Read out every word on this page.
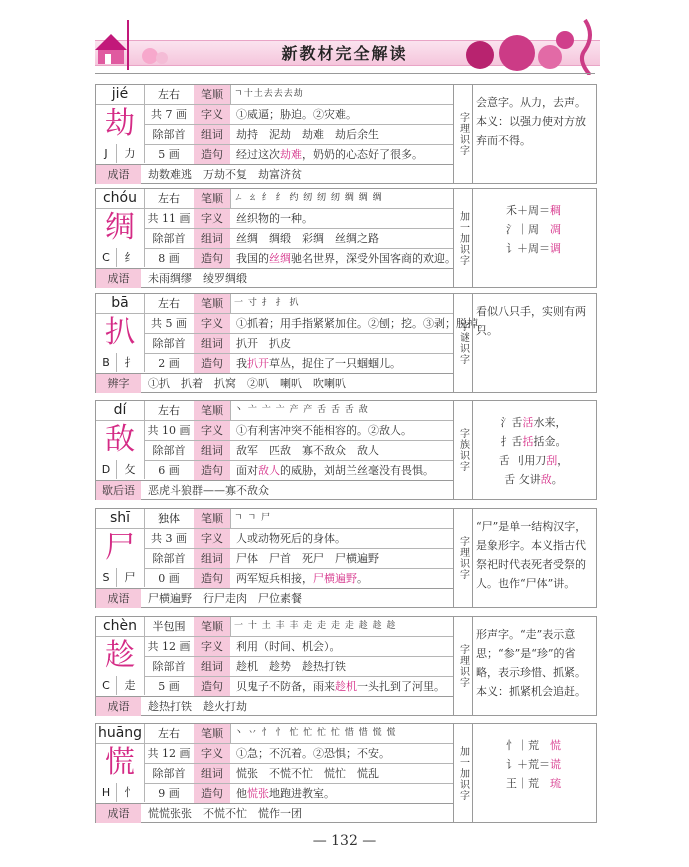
新教材完全解读
jié	左右	笔顺	ㄱ十土去去去劫
劫	共 7 画	字义	①威逼；胁迫。②灾难。
除部首	组词	劫持　泥劫　劫难　劫后余生
J	力	5 画	造句	经过这次劫难，奶奶的心态好了很多。
成语	劫数难逃　万劫不复　劫富济贫
字理识字
会意字。从力，去声。本义：以强力使对方放弃而不得。
chóu	左右	笔顺	ㄥ ㄠ 纟 纟 约 纫 纫 纫 绸 绸 绸
绸	共 11 画 字义	丝织物的一种。
除部首	组词	丝绸　绸缎　彩绸　丝绸之路
C	纟	8 画	造句	我国的丝绸驰名世界，深受外国客商的欢迎。
成语	未雨绸缪　绫罗绸缎
加一加识字	禾＋周＝稠
氵｜周　凋
讠＋周＝调
bā	左右	笔顺	一 寸 扌 扌 扒
扒	共 5 画	字义	①抓着；用手指紧紧加住。②刨；挖。③剥；脱掉。
除部首	组词	扒开　扒皮
B	扌	2 画	造句	我扒开草丛，捉住了一只蝈蝈儿。
辨字	①扒　扒着　扒窝　②叭　喇叭　吹喇叭
字谜识字
看似八只手，实则有两只。
dí	左右	笔顺	丶 亠 亠 亠 产 产 舌 舌 舌 敌
敌	共 10 画 字义	①有利害冲突不能相容的。②敌人。
除部首	组词	敌军　匹敌　寡不敌众　敌人
D	攵	6 画	造句	面对敌人的威胁，刘胡兰丝毫没有畏惧。
歇后语	恶虎斗狼群——寡不敌众
字族识字
氵舌活水来，
扌舌括括金。
舌 刂用刀刮，
舌 攵讲敌。
shī	独体	笔顺	ㄱ ㄱ 尸
尸	共 3 画	字义	人或动物死后的身体。
除部首	组词	尸体　尸首　死尸　尸横遍野
S	尸	0 画	造句	两军短兵相接，尸横遍野。
成语	尸横遍野　行尸走肉　尸位素餐
字理识字
“尸”是单一结构汉字，是象形字。本义指古代祭祀时代表死者受祭的人。也作“尸体”讲。
chèn	半包围	笔顺	一 十 土 丰 丰 走 走 走 走 趁 趁 趁
趁	共 12 画 字义	利用（时间、机会）。
除部首	组词	趁机　趁势　趁热打铁
C	走	5 画	造句	贝鬼子不防备，雨来趁机一头扎到了河里。
成语	趁热打铁　趁火打劫
字理识字
形声字。“走”表示意思；“参”是“珍”的省略，表示珍惜、抓紧。本义：抓紧机会追赶。
huāng	左右	笔顺	丶 丷 忄 忄 忙 忙 忙 忙 惜 惜 慌 慌
慌	共 12 画 字义	①急；不沉着。②恐惧；不安。
除部首	组词	慌张　不慌不忙　慌忙　慌乱
H	忄	9 画	造句	他慌张地跑进教室。
成语	慌慌张张　不慌不忙　慌作一团
加一加识字	忄｜荒　慌
讠＋荒＝谎
王｜荒　琉
— 132 —
